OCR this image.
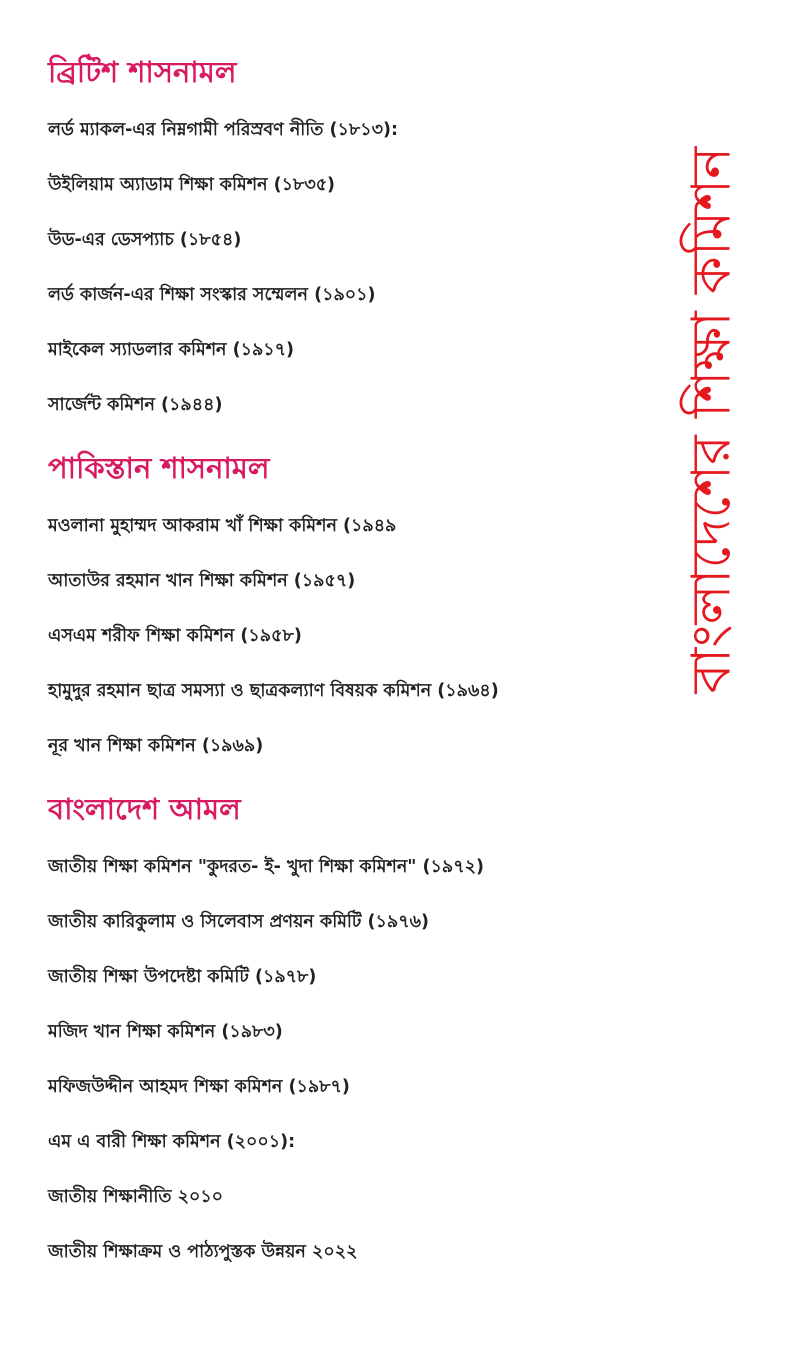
ব্রিটিশ শাসনামল
লর্ড ম্যাকল-এর নিম্নগামী পরিস্রবণ নীতি (১৮১৩):
উইলিয়াম অ্যাডাম শিক্ষা কমিশন (১৮৩৫)
উড-এর ডেসপ্যাচ (১৮৫৪)
লর্ড কার্জন-এর শিক্ষা সংস্কার সম্মেলন (১৯০১)
মাইকেল স্যাডলার কমিশন (১৯১৭)
সার্জেন্ট কমিশন (১৯৪৪)
পাকিস্তান শাসনামল
মওলানা মুহাম্মদ আকরাম খাঁ শিক্ষা কমিশন (১৯৪৯
আতাউর রহমান খান শিক্ষা কমিশন (১৯৫৭)
এসএম শরীফ শিক্ষা কমিশন (১৯৫৮)
হামুদুর রহমান ছাত্র সমস্যা ও ছাত্রকল্যাণ বিষয়ক কমিশন (১৯৬৪)
নূর খান শিক্ষা কমিশন (১৯৬৯)
বাংলাদেশ আমল
জাতীয় শিক্ষা কমিশন "কুদরত- ই- খুদা শিক্ষা কমিশন" (১৯৭২)
জাতীয় কারিকুলাম ও সিলেবাস প্রণয়ন কমিটি (১৯৭৬)
জাতীয় শিক্ষা উপদেষ্টা কমিটি (১৯৭৮)
মজিদ খান শিক্ষা কমিশন (১৯৮৩)
মফিজউদ্দীন আহমদ শিক্ষা কমিশন (১৯৮৭)
এম এ বারী শিক্ষা কমিশন (২০০১):
জাতীয় শিক্ষানীতি ২০১০
জাতীয় শিক্ষাক্রম ও পাঠ্যপুস্তক উন্নয়ন ২০২২
বাংলাদেশের শিক্ষা কমিশন
